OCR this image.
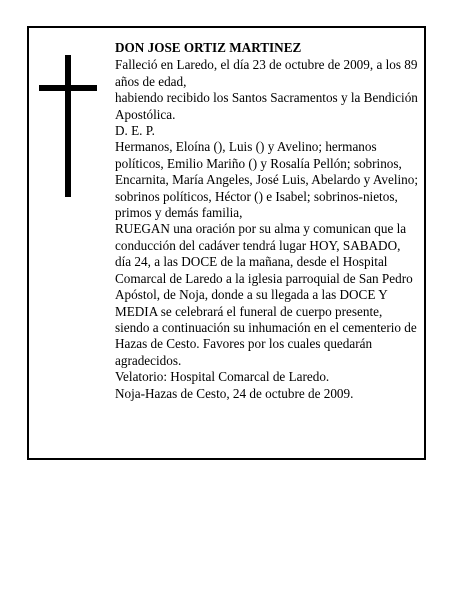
DON JOSE ORTIZ MARTINEZ

Falleció en Laredo, el día 23 de octubre de 2009, a los 89 años de edad,

habiendo recibido los Santos Sacramentos y la Bendición Apostólica.

D. E. P.

Hermanos, Eloína (), Luis () y Avelino; hermanos políticos, Emilio Mariño () y Rosalía Pellón; sobrinos, Encarnita, María Angeles, José Luis, Abelardo y Avelino; sobrinos políticos, Héctor () e Isabel; sobrinos-nietos, primos y demás familia,

RUEGAN una oración por su alma y comunican que la conducción del cadáver tendrá lugar HOY, SABADO, día 24, a las DOCE de la mañana, desde el Hospital Comarcal de Laredo a la iglesia parroquial de San Pedro Apóstol, de Noja, donde a su llegada a las DOCE Y MEDIA se celebrará el funeral de cuerpo presente, siendo a continuación su inhumación en el cementerio de Hazas de Cesto. Favores por los cuales quedarán agradecidos.

Velatorio: Hospital Comarcal de Laredo.

Noja-Hazas de Cesto, 24 de octubre de 2009.
